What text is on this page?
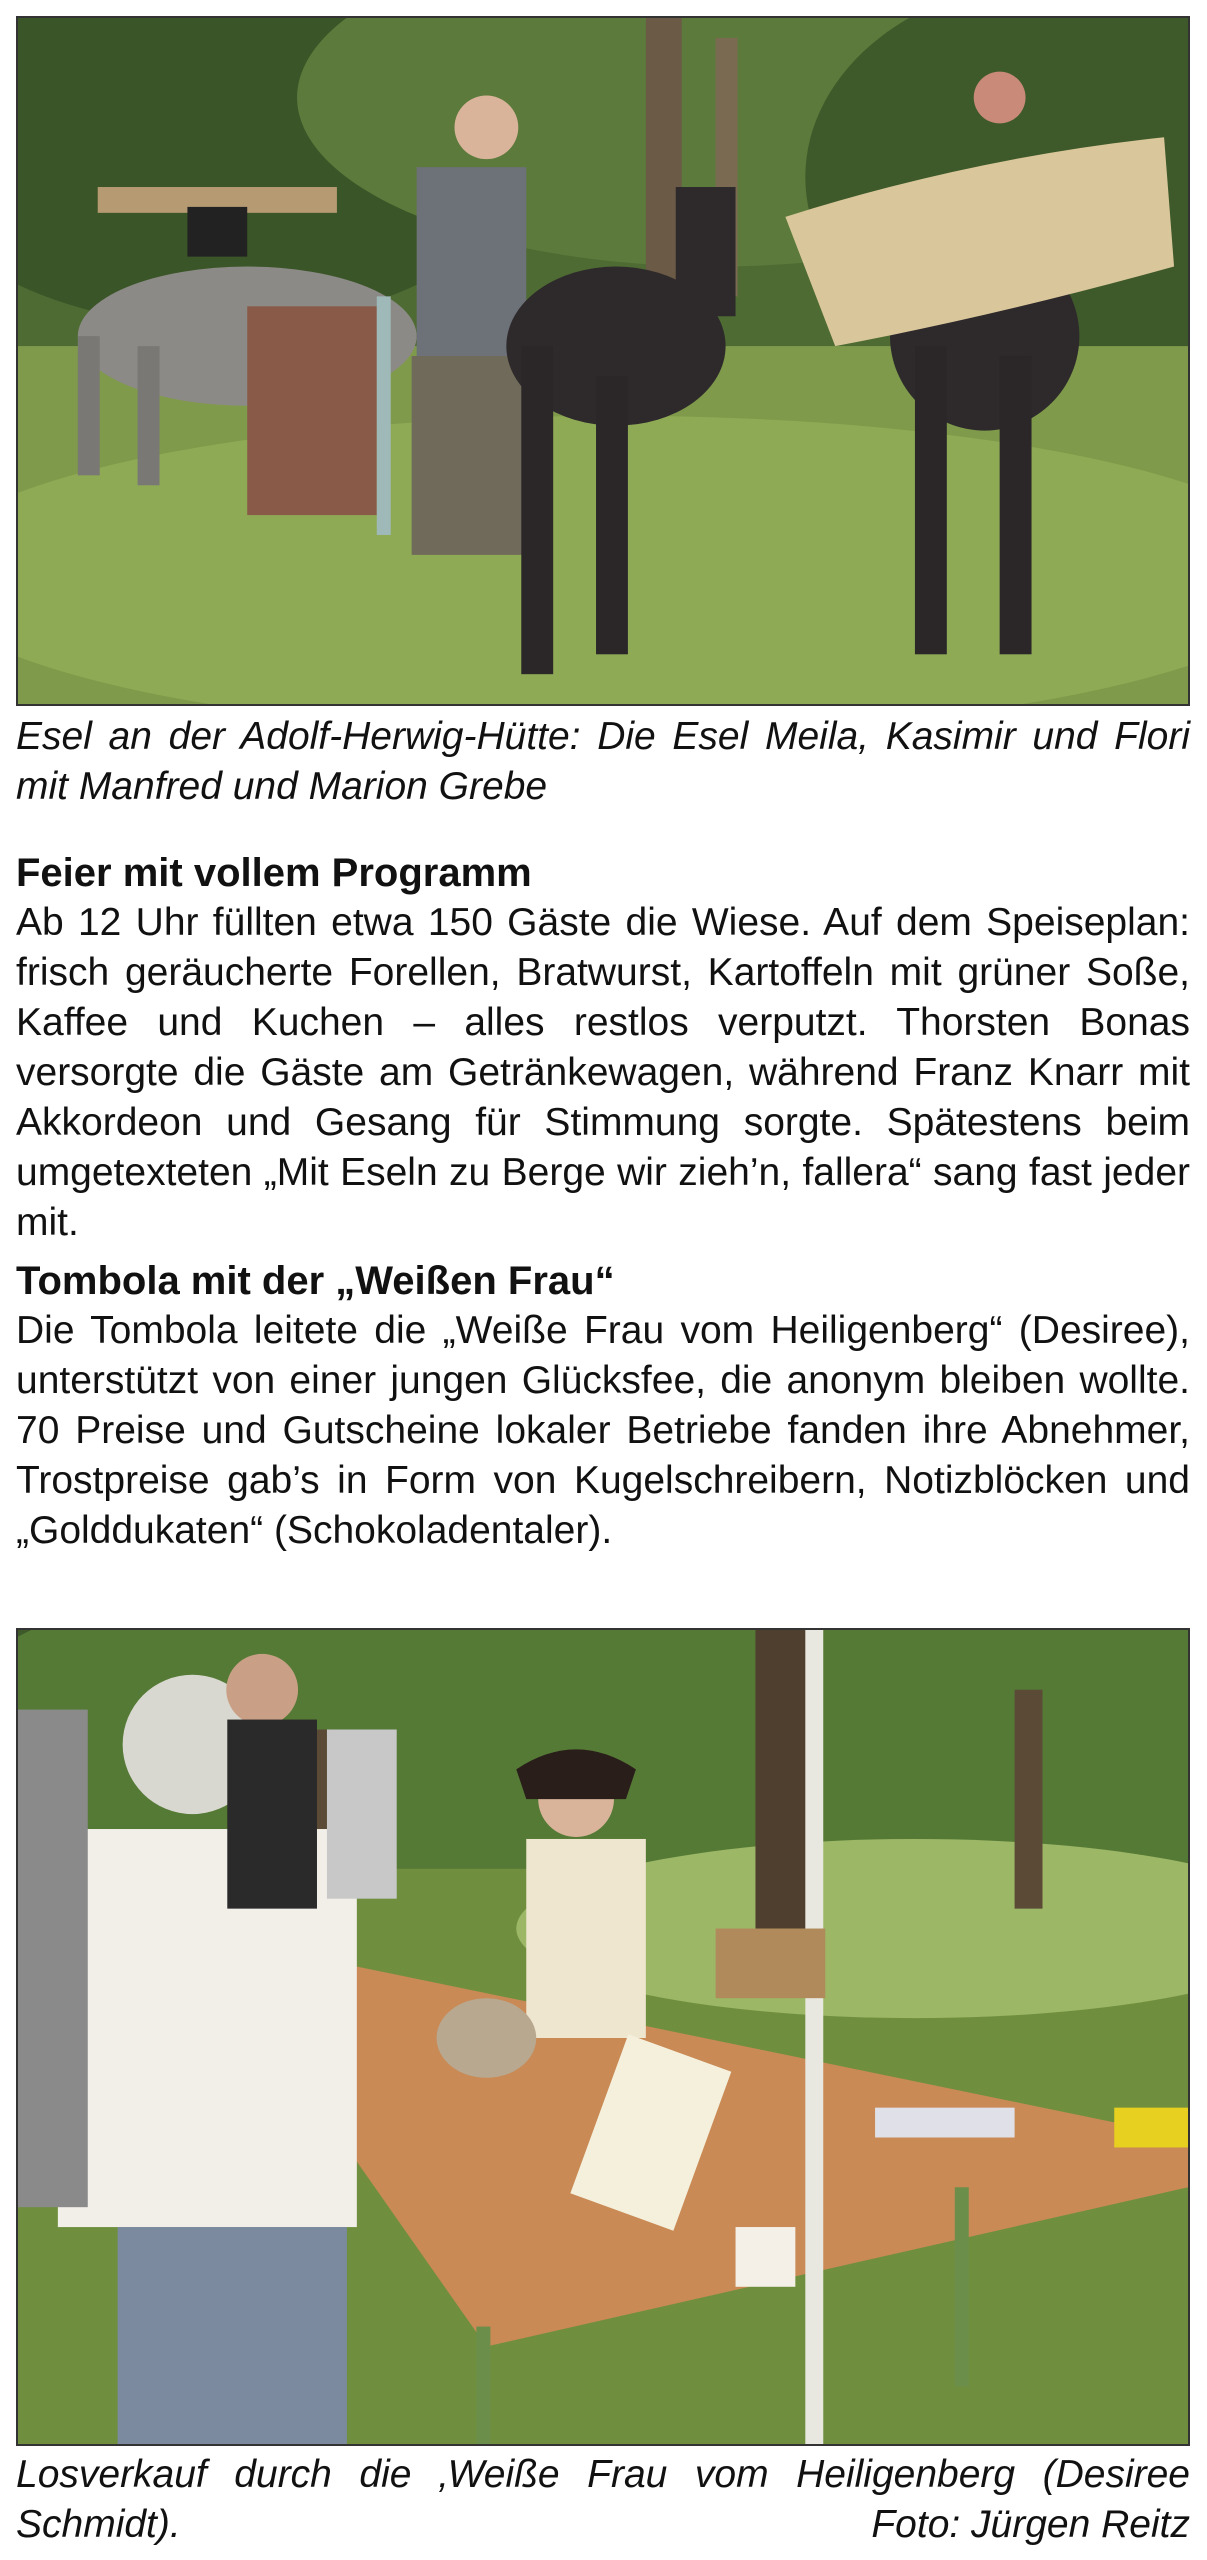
Esel an der Adolf-Herwig-Hütte: Die Esel Meila, Kasimir und Flori mit Manfred und Marion Grebe

Feier mit vollem Programm

Ab 12 Uhr füllten etwa 150 Gäste die Wiese. Auf dem Speiseplan: frisch geräucherte Forellen, Bratwurst, Kartoffeln mit grüner Soße, Kaffee und Kuchen – alles restlos verputzt. Thorsten Bonas versorgte die Gäste am Getränkewagen, während Franz Knarr mit Akkordeon und Gesang für Stimmung sorgte. Spätestens beim umgetexteten „Mit Eseln zu Berge wir zieh’n, fallera“ sang fast jeder mit.

Tombola mit der „Weißen Frau“

Die Tombola leitete die „Weiße Frau vom Heiligenberg“ (Desiree), unterstützt von einer jungen Glücksfee, die anonym bleiben wollte. 70 Preise und Gutscheine lokaler Betriebe fanden ihre Abnehmer, Trostpreise gab’s in Form von Kugelschreibern, Notizblöcken und „Golddukaten“ (Schokoladentaler).

Losverkauf durch die ‚Weiße Frau vom Heiligenberg (Desiree Schmidt).	Foto: Jürgen Reitz
